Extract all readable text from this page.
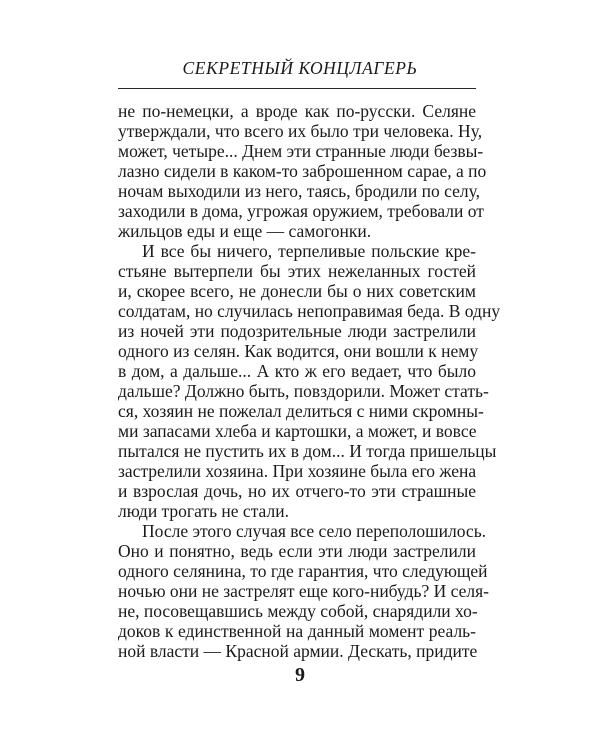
СЕКРЕТНЫЙ КОНЦЛАГЕРЬ
не по-немецки, а вроде как по-русски. Селяне
утверждали, что всего их было три человека. Ну,
может, четыре... Днем эти странные люди безвы-
лазно сидели в каком-то заброшенном сарае, а по
ночам выходили из него, таясь, бродили по селу,
заходили в дома, угрожая оружием, требовали от
жильцов еды и еще — самогонки.
И все бы ничего, терпеливые польские кре-
стьяне вытерпели бы этих нежеланных гостей
и, скорее всего, не донесли бы о них советским
солдатам, но случилась непоправимая беда. В одну
из ночей эти подозрительные люди застрелили
одного из селян. Как водится, они вошли к нему
в дом, а дальше... А кто ж его ведает, что было
дальше? Должно быть, повздорили. Может стать-
ся, хозяин не пожелал делиться с ними скромны-
ми запасами хлеба и картошки, а может, и вовсе
пытался не пустить их в дом... И тогда пришельцы
застрелили хозяина. При хозяине была его жена
и взрослая дочь, но их отчего-то эти страшные
люди трогать не стали.
После этого случая все село переполошилось.
Оно и понятно, ведь если эти люди застрелили
одного селянина, то где гарантия, что следующей
ночью они не застрелят еще кого-нибудь? И селя-
не, посовещавшись между собой, снарядили хо-
доков к единственной на данный момент реаль-
ной власти — Красной армии. Дескать, придите
9
